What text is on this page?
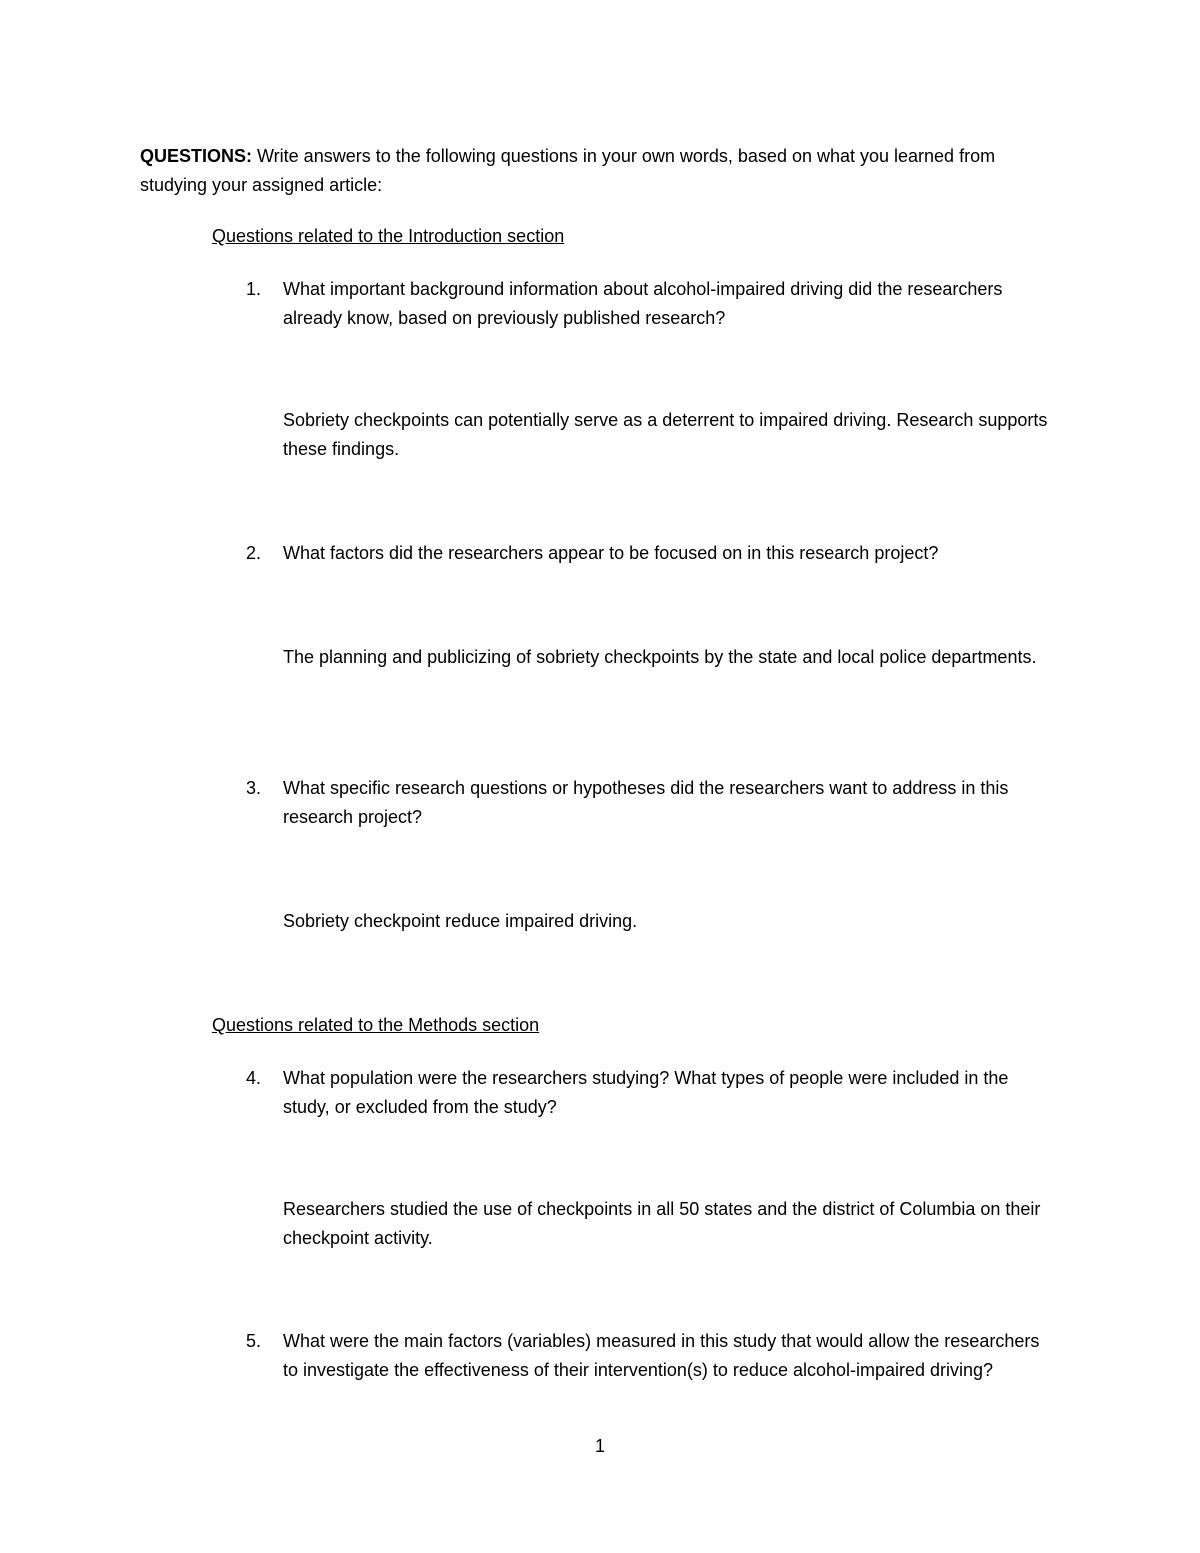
QUESTIONS: Write answers to the following questions in your own words, based on what you learned from studying your assigned article:
Questions related to the Introduction section
1. What important background information about alcohol-impaired driving did the researchers already know, based on previously published research?
Sobriety checkpoints can potentially serve as a deterrent to impaired driving. Research supports these findings.
2. What factors did the researchers appear to be focused on in this research project?
The planning and publicizing of sobriety checkpoints by the state and local police departments.
3. What specific research questions or hypotheses did the researchers want to address in this research project?
Sobriety checkpoint reduce impaired driving.
Questions related to the Methods section
4. What population were the researchers studying? What types of people were included in the study, or excluded from the study?
Researchers studied the use of checkpoints in all 50 states and the district of Columbia on their checkpoint activity.
5. What were the main factors (variables) measured in this study that would allow the researchers to investigate the effectiveness of their intervention(s) to reduce alcohol-impaired driving?
1
